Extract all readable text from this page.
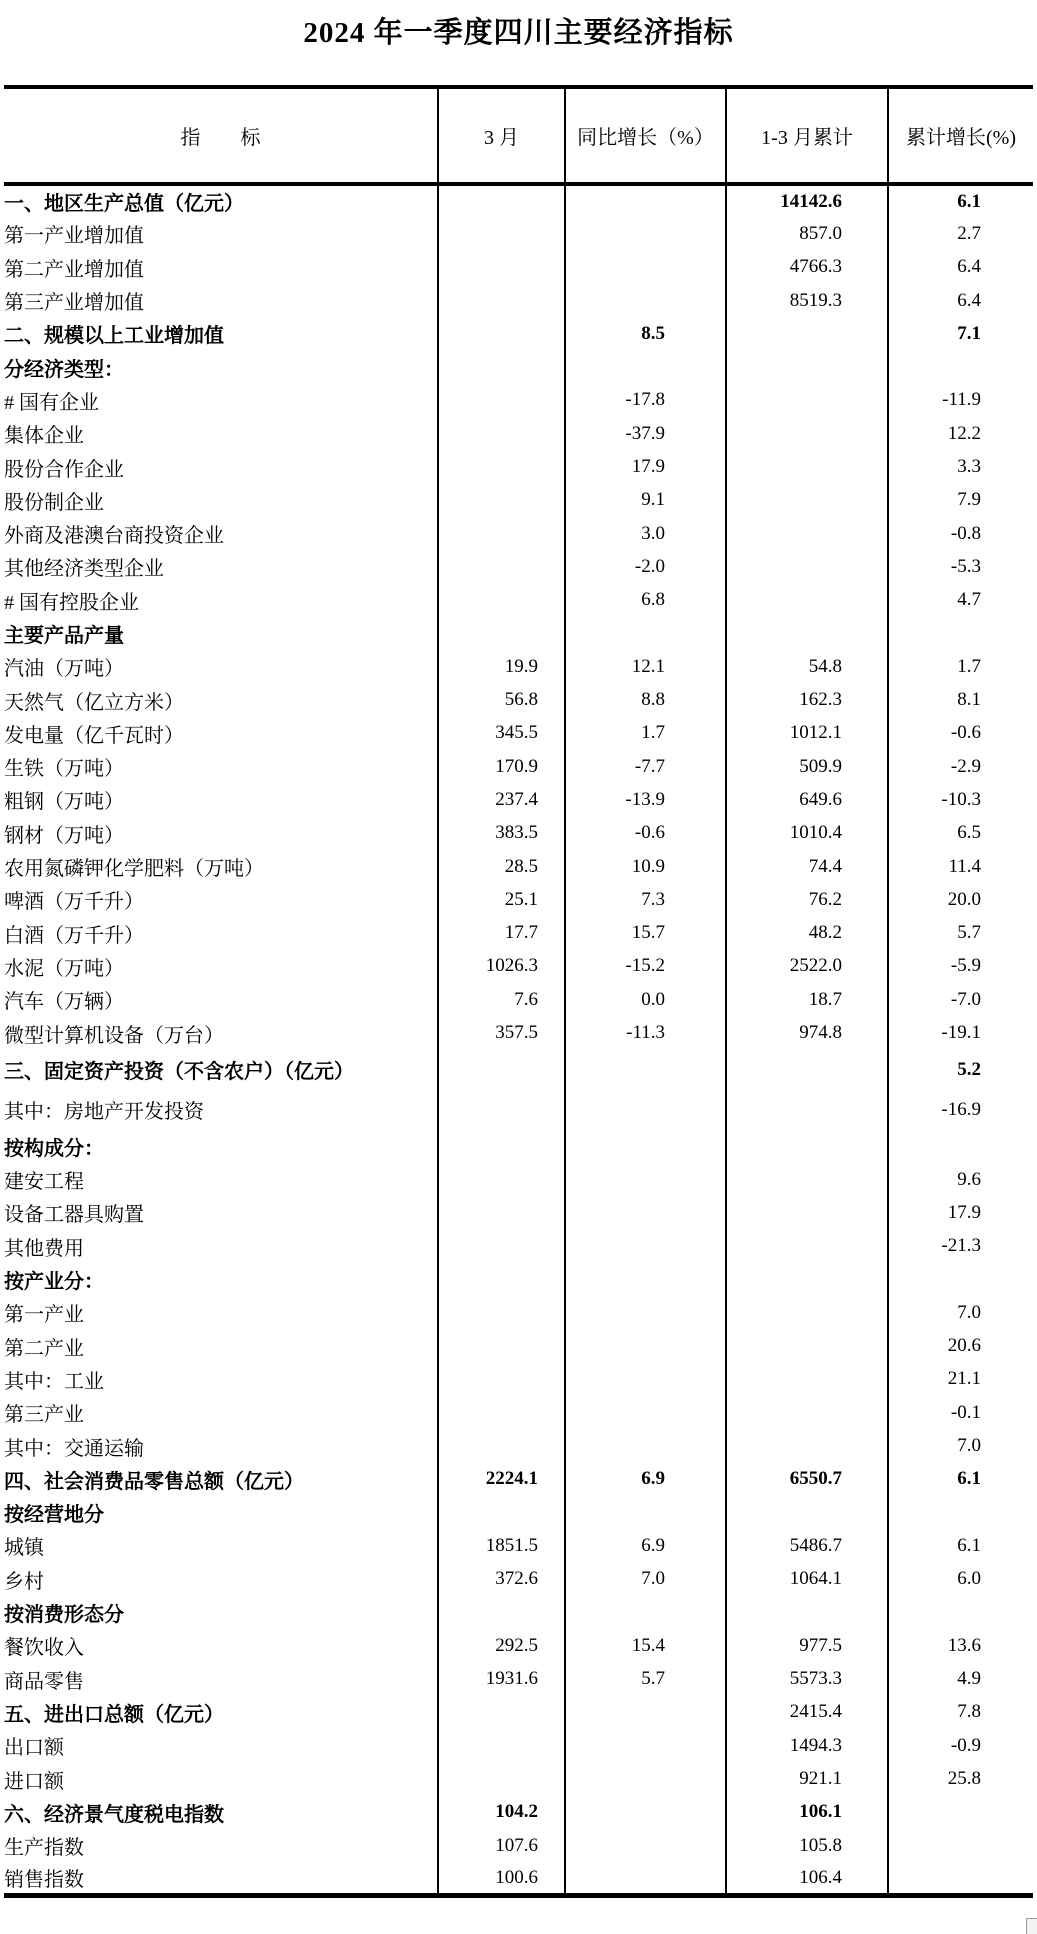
2024 年一季度四川主要经济指标
指　　标	3 月	同比增长（%）	1-3 月累计	累计增长(%)
一、地区生产总值（亿元）			14142.6	6.1
第一产业增加值			857.0	2.7
第二产业增加值			4766.3	6.4
第三产业增加值			8519.3	6.4
二、规模以上工业增加值		8.5		7.1
分经济类型：				
# 国有企业		-17.8		-11.9
集体企业		-37.9		12.2
股份合作企业		17.9		3.3
股份制企业		9.1		7.9
外商及港澳台商投资企业		3.0		-0.8
其他经济类型企业		-2.0		-5.3
# 国有控股企业		6.8		4.7
主要产品产量				
汽油（万吨）	19.9	12.1	54.8	1.7
天然气（亿立方米）	56.8	8.8	162.3	8.1
发电量（亿千瓦时）	345.5	1.7	1012.1	-0.6
生铁（万吨）	170.9	-7.7	509.9	-2.9
粗钢（万吨）	237.4	-13.9	649.6	-10.3
钢材（万吨）	383.5	-0.6	1010.4	6.5
农用氮磷钾化学肥料（万吨）	28.5	10.9	74.4	11.4
啤酒（万千升）	25.1	7.3	76.2	20.0
白酒（万千升）	17.7	15.7	48.2	5.7
水泥（万吨）	1026.3	-15.2	2522.0	-5.9
汽车（万辆）	7.6	0.0	18.7	-7.0
微型计算机设备（万台）	357.5	-11.3	974.8	-19.1
三、固定资产投资（不含农户）（亿元）				5.2
其中：房地产开发投资				-16.9
按构成分：				
建安工程				9.6
设备工器具购置				17.9
其他费用				-21.3
按产业分：				
第一产业				7.0
第二产业				20.6
其中：工业				21.1
第三产业				-0.1
其中：交通运输				7.0
四、社会消费品零售总额（亿元）	2224.1	6.9	6550.7	6.1
按经营地分				
城镇	1851.5	6.9	5486.7	6.1
乡村	372.6	7.0	1064.1	6.0
按消费形态分				
餐饮收入	292.5	15.4	977.5	13.6
商品零售	1931.6	5.7	5573.3	4.9
五、进出口总额（亿元）			2415.4	7.8
出口额			1494.3	-0.9
进口额			921.1	25.8
六、经济景气度税电指数	104.2		106.1	
生产指数	107.6		105.8	
销售指数	100.6		106.4	
